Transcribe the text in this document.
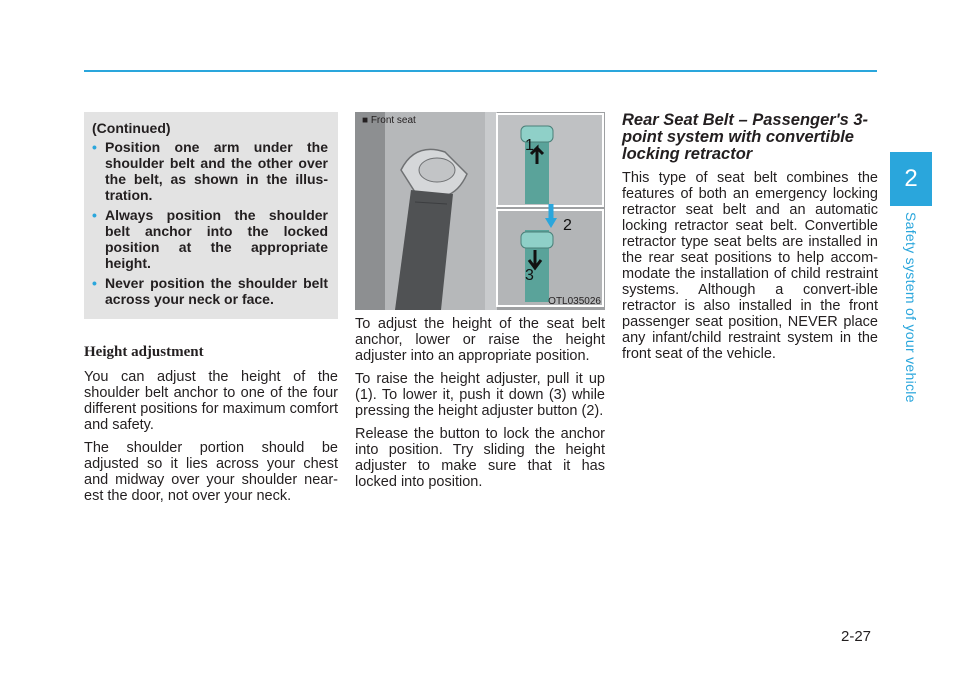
2
Safety system of your vehicle
(Continued)
• Position one arm under the shoulder belt and the other over the belt, as shown in the illus-tration.
• Always position the shoulder belt anchor into the locked position at the appropriate height.
• Never position the shoulder belt across your neck or face.
Height adjustment

You can adjust the height of the shoulder belt anchor to one of the four different positions for maximum comfort and safety.

The shoulder portion should be adjusted so it lies across your chest and midway over your shoulder near-est the door, not over your neck.

1
2
3
■ Front seat
OTL035026

To adjust the height of the seat belt anchor, lower or raise the height adjuster into an appropriate position.

To raise the height adjuster, pull it up (1). To lower it, push it down (3) while pressing the height adjuster button (2).

Release the button to lock the anchor into position. Try sliding the height adjuster to make sure that it has locked into position.

Rear Seat Belt – Passenger's 3-point system with convertible locking retractor

This type of seat belt combines the features of both an emergency locking retractor seat belt and an automatic locking retractor seat belt. Convertible retractor type seat belts are installed in the rear seat positions to help accom-modate the installation of child restraint systems. Although a convert-ible retractor is also installed in the front passenger seat position, NEVER place any infant/child restraint system in the front seat of the vehicle.

2-27
